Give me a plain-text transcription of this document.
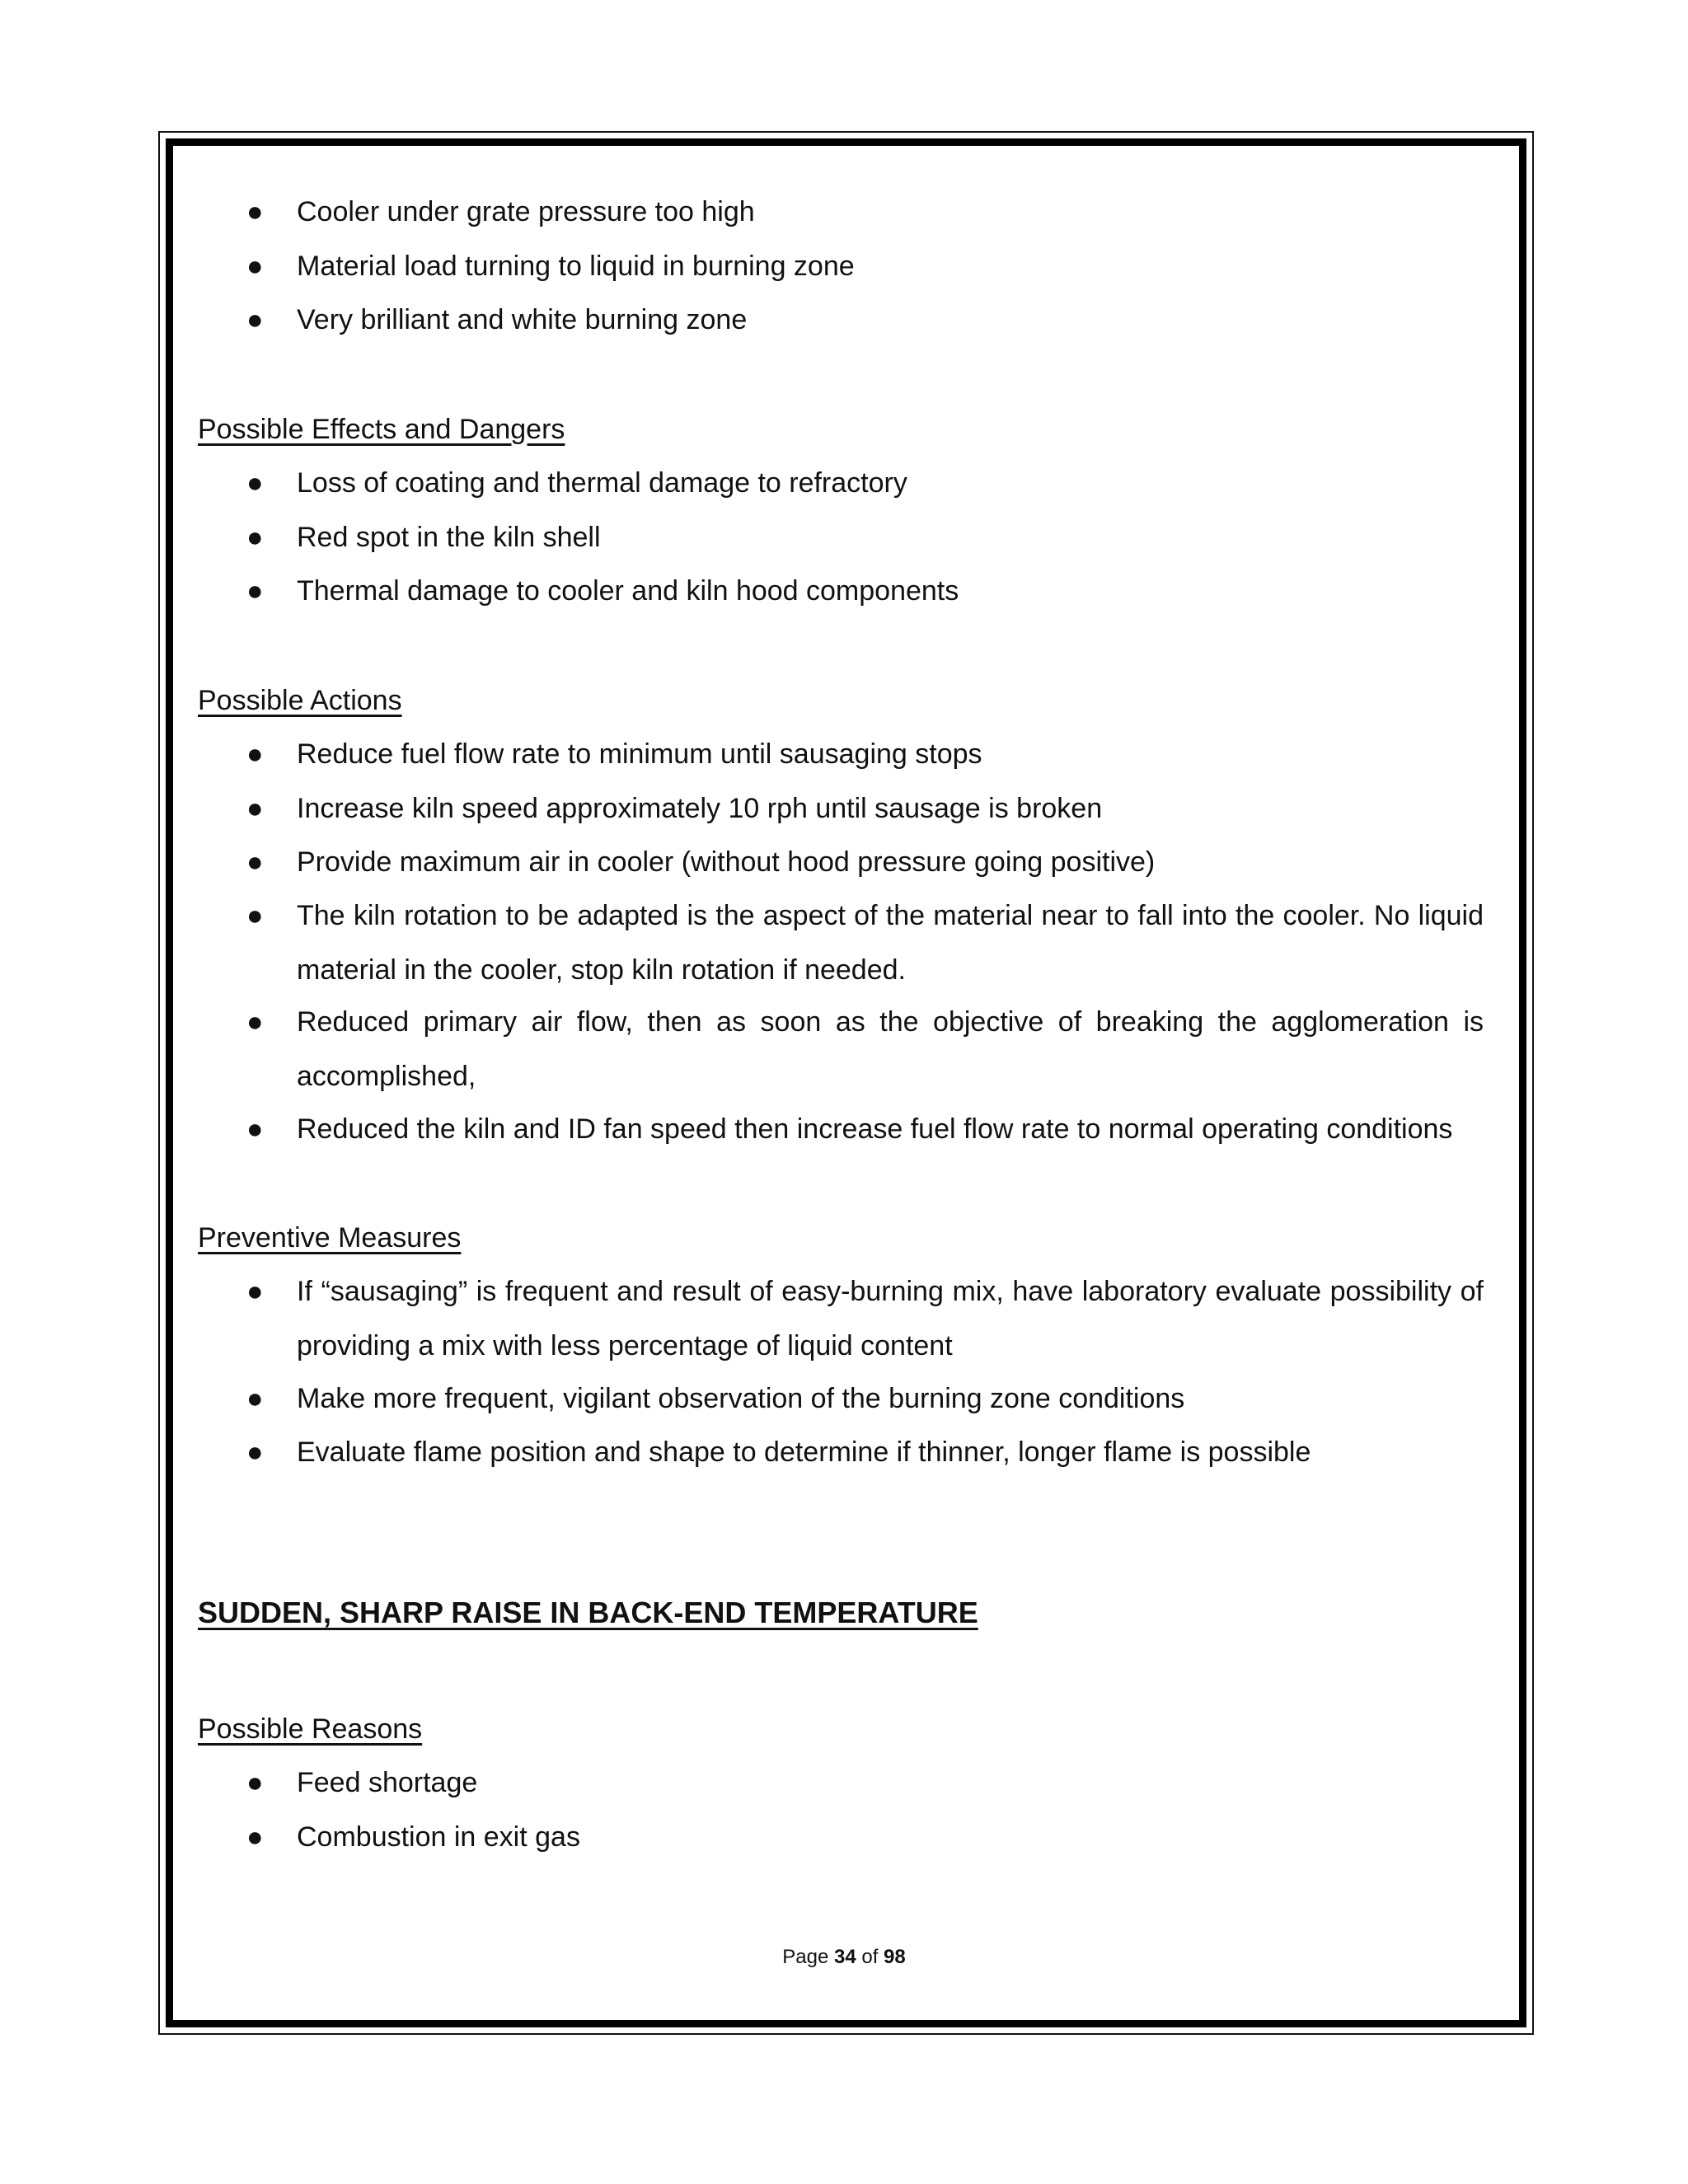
● Cooler under grate pressure too high
● Material load turning to liquid in burning zone
● Very brilliant and white burning zone
Possible Effects and Dangers
● Loss of coating and thermal damage to refractory
● Red spot in the kiln shell
● Thermal damage to cooler and kiln hood components
Possible Actions
● Reduce fuel flow rate to minimum until sausaging stops
● Increase kiln speed approximately 10 rph until sausage is broken
● Provide maximum air in cooler (without hood pressure going positive)
● The kiln rotation to be adapted is the aspect of the material near to fall into the cooler. No liquid material in the cooler, stop kiln rotation if needed.
● Reduced primary air flow, then as soon as the objective of breaking the agglomeration is accomplished,
● Reduced the kiln and ID fan speed then increase fuel flow rate to normal operating conditions
Preventive Measures
● If “sausaging” is frequent and result of easy-burning mix, have laboratory evaluate possibility of providing a mix with less percentage of liquid content
● Make more frequent, vigilant observation of the burning zone conditions
● Evaluate flame position and shape to determine if thinner, longer flame is possible
SUDDEN, SHARP RAISE IN BACK-END TEMPERATURE
Possible Reasons
● Feed shortage
● Combustion in exit gas
Page 34 of 98
